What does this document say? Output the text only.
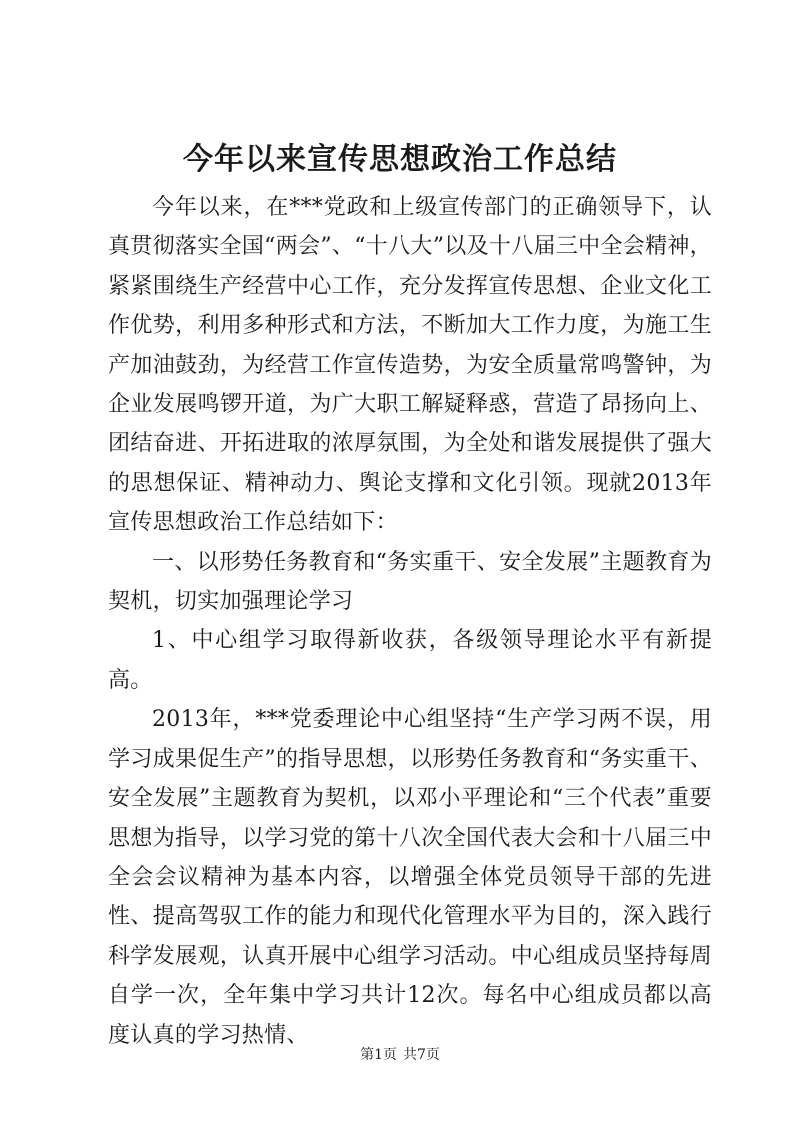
今年以来宣传思想政治工作总结

今年以来，在***党政和上级宣传部门的正确领导下，认真贯彻落实全国“两会”、“十八大”以及十八届三中全会精神，紧紧围绕生产经营中心工作，充分发挥宣传思想、企业文化工作优势，利用多种形式和方法，不断加大工作力度，为施工生产加油鼓劲，为经营工作宣传造势，为安全质量常鸣警钟，为企业发展鸣锣开道，为广大职工解疑释惑，营造了昂扬向上、团结奋进、开拓进取的浓厚氛围，为全处和谐发展提供了强大的思想保证、精神动力、舆论支撑和文化引领。现就2013年宣传思想政治工作总结如下：

一、以形势任务教育和“务实重干、安全发展”主题教育为契机，切实加强理论学习

1、中心组学习取得新收获，各级领导理论水平有新提高。

2013年，***党委理论中心组坚持“生产学习两不误，用学习成果促生产”的指导思想，以形势任务教育和“务实重干、安全发展”主题教育为契机，以邓小平理论和“三个代表”重要思想为指导，以学习党的第十八次全国代表大会和十八届三中全会会议精神为基本内容，以增强全体党员领导干部的先进性、提高驾驭工作的能力和现代化管理水平为目的，深入践行科学发展观，认真开展中心组学习活动。中心组成员坚持每周自学一次，全年集中学习共计12次。每名中心组成员都以高度认真的学习热情、

第1页 共7页
